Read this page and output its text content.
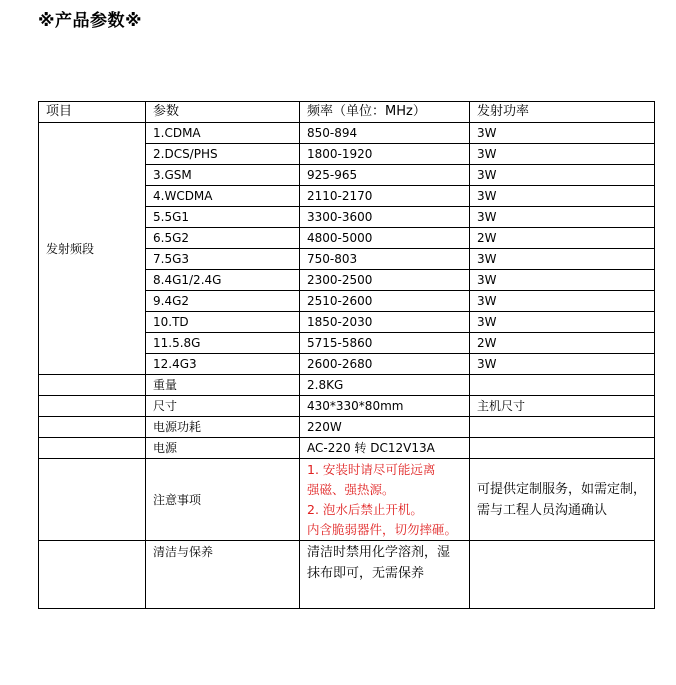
※产品参数※
项目	参数	频率（单位：MHz）	发射功率
发射频段	1.CDMA	850-894	3W
	2.DCS/PHS	1800-1920	3W
	3.GSM	925-965	3W
	4.WCDMA	2110-2170	3W
	5.5G1	3300-3600	3W
	6.5G2	4800-5000	2W
	7.5G3	750-803	3W
	8.4G1/2.4G	2300-2500	3W
	9.4G2	2510-2600	3W
	10.TD	1850-2030	3W
	11.5.8G	5715-5860	2W
	12.4G3	2600-2680	3W
	重量	2.8KG	
	尺寸	430*330*80mm	主机尺寸
	电源功耗	220W	
	电源	AC-220 转 DC12V13A	
	注意事项	1. 安装时请尽可能远离
强磁、强热源。
2. 泡水后禁止开机。
内含脆弱器件，切勿摔砸。	可提供定制服务，如需定制，需与工程人员沟通确认
	清洁与保养	清洁时禁用化学溶剂，湿抹布即可，无需保养	
